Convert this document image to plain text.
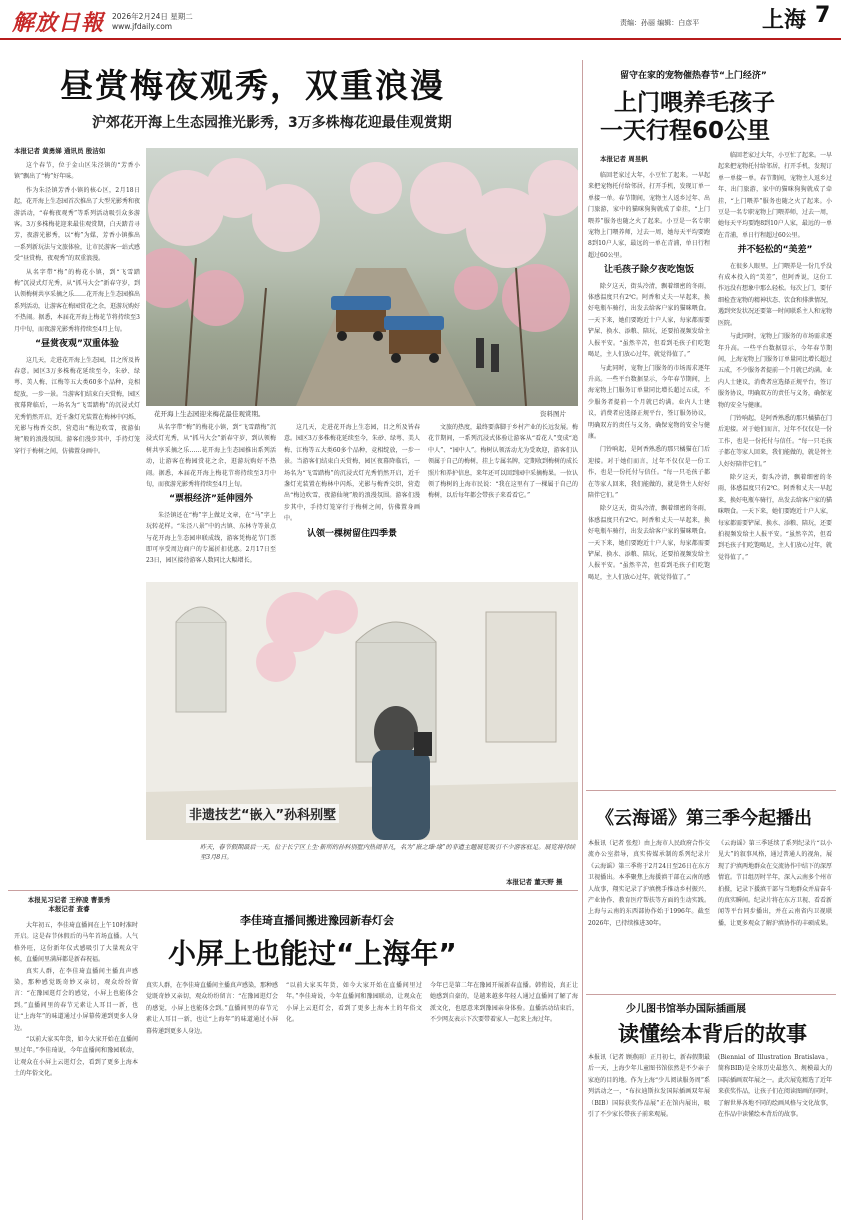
解放日報 2026年2月24日 星期二
www.jfdaily.com	责编：孙丽 编辑：白彦平	上海 7
昼赏梅夜观秀，双重浪漫
沪郊花开海上生态园推光影秀，3万多株梅花迎最佳观赏期
留守在家的宠物催热春节“上门经济”
上门喂养毛孩子
一天行程60公里
本报记者 黄勇娣 通讯员 殷洁如

这个春节，位于金山区朱泾镇的“芳香小镇”飘出了“梅”好年味。

作为朱泾镇芳香小镇的核心区，2月18日起，花开海上生态园首次推出了大型光影秀和夜游活动，“春梅夜观秀”等系列活动吸引众多游客。3万多株梅花迎来最佳观赏期，白天踏青寻芳，夜游光影秀，以“梅”为媒，芳香小镇推出一系列新玩法与文旅体验，让市民游客一站式感受“昼赏梅，夜观秀”的双重浪漫。

从名字带“梅”的梅花小镇，到“飞雪踏梅”沉浸式灯光秀，从“抓马大会”新春守岁，到认领梅树共享采摘之乐……花开海上生态园推出系列活动，让游客在梅园赏花之余，逛游玩购好不热闹。据悉，本届花开海上梅花节将持续至3月中旬，而夜游光影秀将持续至4月上旬。

“昼赏夜观”双重体验

这几天，走进花开海上生态园，目之所及皆春意。园区3万多株梅花延续至今，朱砂、绿萼、美人梅、江梅等五大类60多个品种，竞相绽放，一步一景。当游客们结束白天赏梅，园区夜幕降临后，一场名为“飞雪踏梅”的沉浸式灯光秀悄然开启，近千盏灯光装置在梅林中闪烁，光影与梅香交织，营造出“梅边吹雪，夜游仙境”般的浪漫氛围。游客们漫步其中，手持灯笼穿行于梅树之间，仿佛置身画中。

花开海上生态园迎来梅花最佳观赏期。	资料图片

从名字带“梅”的梅花小镇，到“飞雪踏梅”沉浸式灯光秀，从“抓马大会”新春守岁，到认领梅树共享采摘之乐……花开海上生态园推出系列活动，让游客在梅园赏花之余，逛游玩购好不热闹。据悉，本届花开海上梅花节将持续至3月中旬，而夜游光影秀将持续至4月上旬。

“票根经济”延伸园外

朱泾镇还在“梅”字上做足文章，在“马”字上玩转花样。“朱泾八景”中的古镇、东林寺等景点与花开海上生态园串联成线，游客凭梅花节门票即可享受周边商户的专属折扣优惠。2月17日至23日，园区接待游客人数同比大幅增长。

这几天，走进花开海上生态园，目之所及皆春意。园区3万多株梅花延续至今，朱砂、绿萼、美人梅、江梅等五大类60多个品种，竞相绽放，一步一景。当游客们结束白天赏梅，园区夜幕降临后，一场名为“飞雪踏梅”的沉浸式灯光秀悄然开启，近千盏灯光装置在梅林中闪烁，光影与梅香交织，营造出“梅边吹雪，夜游仙境”般的浪漫氛围。游客们漫步其中，手持灯笼穿行于梅树之间，仿佛置身画中。

认领一棵树留住四季景

文旅的热度，最终要落脚于乡村产业的长远发展。梅花节期间，一系列沉浸式体验让游客从“看花人”变成“追中人”、“园中人”。梅树认领活动尤为受欢迎，游客们认领属于自己的梅树，挂上专属名牌，定期收到梅树的成长照片和养护信息，来年还可以回到园中采摘梅果。一位认领了梅树的上海市民说：“我在这里有了一棵属于自己的梅树，以后每年都会带孩子来看看它。”

本报记者 周昱帆

临回老家过大年，小豆忙了起来。一早起来把宠物托付给邻居，打开手机，发现订单一单接一单。春节期间，宠物主人返乡过年、出门旅游，家中的猫咪狗狗就成了牵挂，“上门喂养”服务也随之火了起来。小豆是一名专职宠物上门喂养师，过去一周，她每天平均要跑8到10户人家，最远的一单在青浦，单日行程超过60公里。

让毛孩子除夕夜吃饱饭

除夕这天，街头冷清，飘着细密的冬雨，体感温度只有2℃。阿香和丈夫一早起来，换好电瓶车骑行，出发去给客户家的猫咪喂食。一天下来，她们要跑近十户人家，每家都需要铲屎、换水、添粮、陪玩，还要拍视频发给主人报平安。“虽然辛苦，但看到毛孩子们吃饱喝足，主人们放心过年，就觉得值了。”

与此同时，宠物上门服务的市场需求逐年升高。一些平台数据显示，今年春节期间，上海宠物上门服务订单量同比增长超过五成，不少服务者提前一个月就已约满。业内人士建议，消费者应选择正规平台，签订服务协议，明确双方的责任与义务，确保宠物的安全与健康。

门铃响起，是阿香熟悉的那只橘猫在门后迎接。对于她们而言，过年不仅仅是一份工作，也是一份托付与信任。“每一只毛孩子都在等家人回来，我们能做的，就是替主人好好陪伴它们。”

除夕这天，街头冷清，飘着细密的冬雨，体感温度只有2℃。阿香和丈夫一早起来，换好电瓶车骑行，出发去给客户家的猫咪喂食。一天下来，她们要跑近十户人家，每家都需要铲屎、换水、添粮、陪玩，还要拍视频发给主人报平安。“虽然辛苦，但看到毛孩子们吃饱喝足，主人们放心过年，就觉得值了。”

临回老家过大年，小豆忙了起来。一早起来把宠物托付给邻居，打开手机，发现订单一单接一单。春节期间，宠物主人返乡过年、出门旅游，家中的猫咪狗狗就成了牵挂，“上门喂养”服务也随之火了起来。小豆是一名专职宠物上门喂养师，过去一周，她每天平均要跑8到10户人家，最远的一单在青浦，单日行程超过60公里。

并不轻松的“美差”

在很多人眼里，上门喂养是一份几乎没有成本投入的“美差”，但阿香说，这份工作远没有想象中那么轻松。每次上门，要仔细检查宠物的精神状态、饮食和排泄情况，遇到突发状况还要第一时间联系主人和宠物医院。

与此同时，宠物上门服务的市场需求逐年升高。一些平台数据显示，今年春节期间，上海宠物上门服务订单量同比增长超过五成，不少服务者提前一个月就已约满。业内人士建议，消费者应选择正规平台，签订服务协议，明确双方的责任与义务，确保宠物的安全与健康。

门铃响起，是阿香熟悉的那只橘猫在门后迎接。对于她们而言，过年不仅仅是一份工作，也是一份托付与信任。“每一只毛孩子都在等家人回来，我们能做的，就是替主人好好陪伴它们。”

除夕这天，街头冷清，飘着细密的冬雨，体感温度只有2℃。阿香和丈夫一早起来，换好电瓶车骑行，出发去给客户家的猫咪喂食。一天下来，她们要跑近十户人家，每家都需要铲屎、换水、添粮、陪玩，还要拍视频发给主人报平安。“虽然辛苦，但看到毛孩子们吃饱喝足，主人们放心过年，就觉得值了。”

非遗技艺“嵌入”孙科别墅
昨天，春节假期最后一天，位于长宁区上生·新所的孙科别墅内热闹非凡，名为“嵌之臻·缘”的非遗主题展览吸引不少游客驻足。展览将持续至3月8日。
本报记者 董天野 摄
《云海谣》第三季今起播出
本报讯（记者 张煜）由上海市人民政府合作交流办公室指导，真实传媒承制的系列纪录片《云海谣》第三季将于2月24日至26日在东方卫视播出。本季聚焦上海援滇干部在云南的感人故事，翔实记录了沪滇携手推动乡村振兴、产业协作、教育医疗帮扶等方面的生动实践。上海与云南的东西部协作始于1996年。截至2026年，已持续推进30年。
《云海谣》第三季延续了系列纪录片“以小见大”的叙事风格，通过普通人的视角，展现了沪滇两地群众在交流协作中结下的深厚情谊。节目组历时半年，深入云南多个州市拍摄，记录下援滇干部与当地群众并肩奋斗的真实瞬间。纪录片将在东方卫视、看看新闻等平台同步播出，并在云南省内卫视联播，让更多观众了解沪滇协作的丰硕成果。
本报见习记者 王梓凌 曹景秀
本报记者 查睿
李佳琦直播间搬进豫园新春灯会
小屏上也能过“上海年”

大年初五，李佳琦直播间在上午10时准时开启。这是春节休假后的马年首场直播。人气格外旺，这份新年仪式感吸引了大量观众守候，直播间里满屏都是新春祝福。

真实人群，在李佳琦直播间主播真声感染，那种感觉既奇妙又亲切，观众纷纷留言：“在豫园逛灯会的感觉，小屏上也能体会到。”直播间里的春节元素让人耳目一新，也让“上海年”的味道通过小屏幕传递到更多人身边。

“以前大家买年货，如今大家开始在直播间里过年。”李佳琦说，今年直播间和豫园联动，让观众在小屏上云逛灯会，看到了更多上海本土的年俗文化。

真实人群，在李佳琦直播间主播真声感染，那种感觉既奇妙又亲切，观众纷纷留言：“在豫园逛灯会的感觉，小屏上也能体会到。”直播间里的春节元素让人耳目一新，也让“上海年”的味道通过小屏幕传递到更多人身边。
“以前大家买年货，如今大家开始在直播间里过年。”李佳琦说，今年直播间和豫园联动，让观众在小屏上云逛灯会，看到了更多上海本土的年俗文化。
今年已是第二年在豫园开展新春直播。韩侑说，真正让她感到自豪的，是越来越多年轻人通过直播间了解了海派文化，也愿意来到豫园亲身体验。直播活动结束后，不少网友表示下次要带着家人一起来上海过年。
少儿图书馆举办国际插画展
读懂绘本背后的故事
本报讯（记者 顾燕雨）正月初七，新春假期最后一天，上海少年儿童图书馆依然是不少亲子家庭的目的地。作为上海“少儿阅读服务周”系列活动之一，“布拉迪斯拉发国际插画双年展（BIB）国际获奖作品展”正在馆内展出，吸引了不少家长带孩子前来观展。
(Biennial of Illustration Bratislava，简称BIB)是全球历史最悠久、规模最大的国际插画双年展之一。此次展览精选了近年来获奖作品，让孩子们在阅读图画的同时，了解世界各地不同的绘画风格与文化故事，在作品中读懂绘本背后的故事。
